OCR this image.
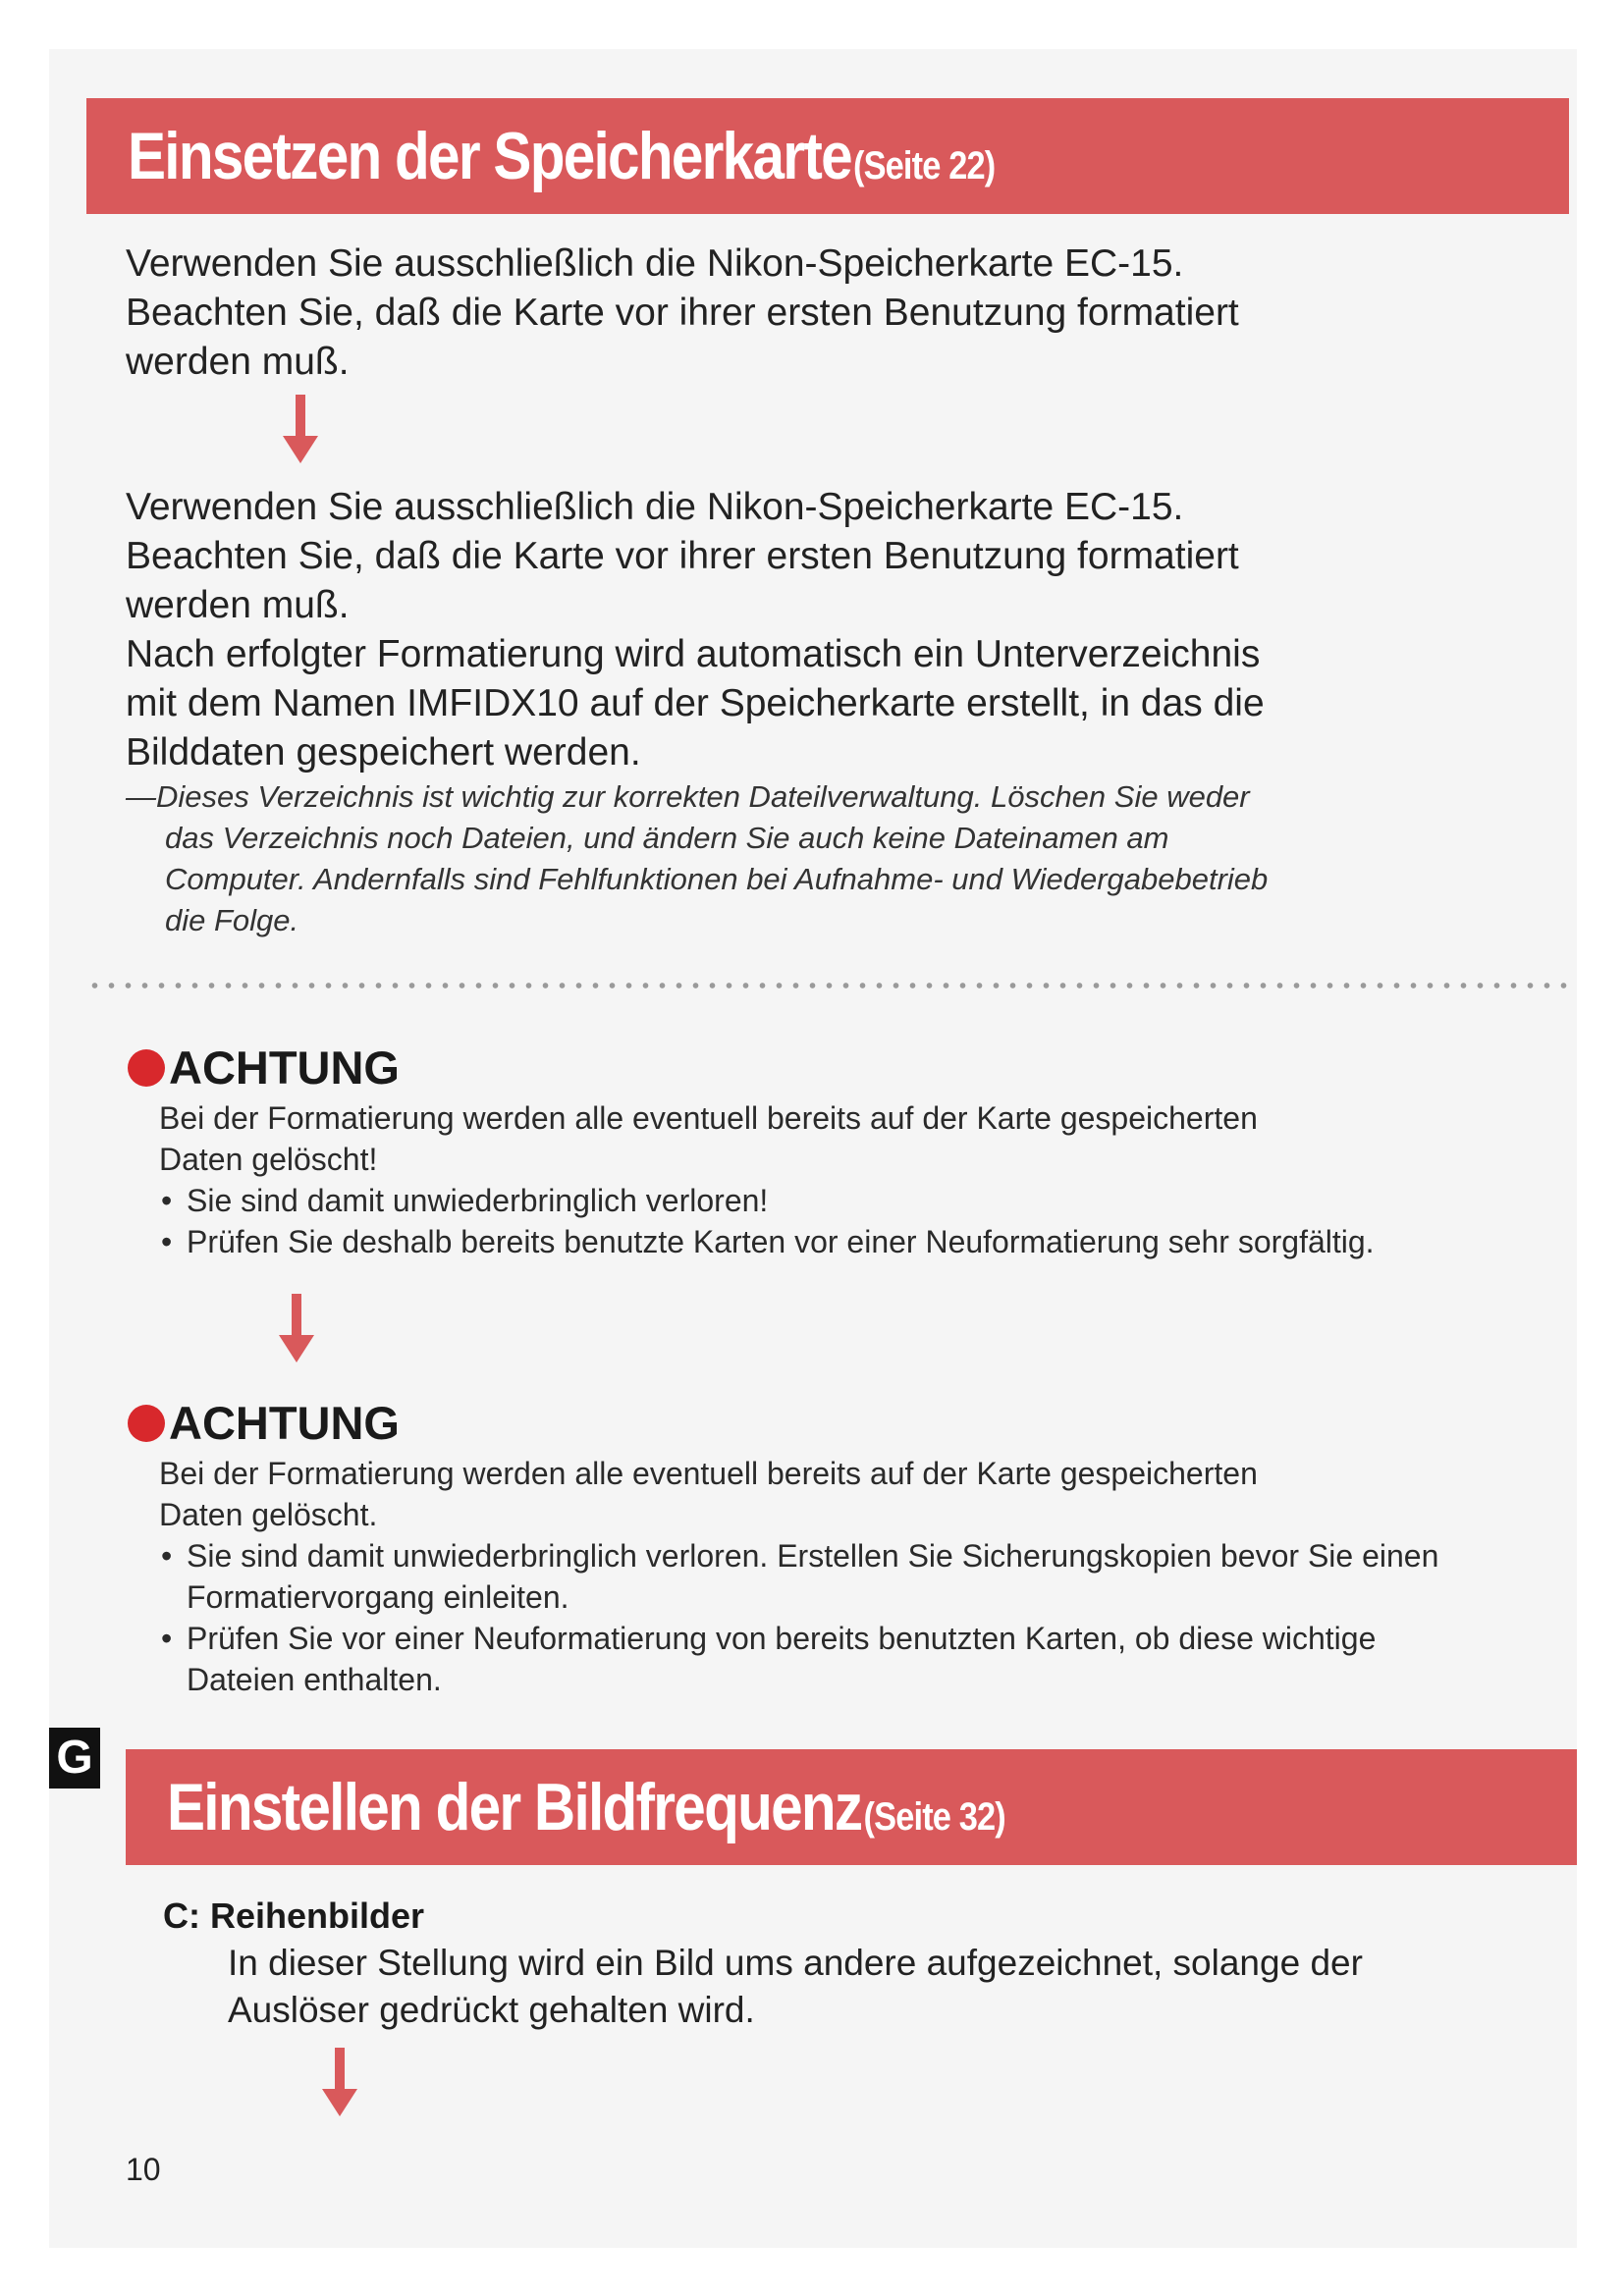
Einsetzen der Speicherkarte (Seite 22)

Verwenden Sie ausschließlich die Nikon-Speicherkarte EC-15.

Beachten Sie, daß die Karte vor ihrer ersten Benutzung formatiert

werden muß.

Verwenden Sie ausschließlich die Nikon-Speicherkarte EC-15.

Beachten Sie, daß die Karte vor ihrer ersten Benutzung formatiert

werden muß.

Nach erfolgter Formatierung wird automatisch ein Unterverzeichnis

mit dem Namen IMFIDX10 auf der Speicherkarte erstellt, in das die

Bilddaten gespeichert werden.

—Dieses Verzeichnis ist wichtig zur korrekten Dateilverwaltung. Löschen Sie weder

das Verzeichnis noch Dateien, und ändern Sie auch keine Dateinamen am

Computer. Andernfalls sind Fehlfunktionen bei Aufnahme- und Wiedergabebetrieb

die Folge.

ACHTUNG

Bei der Formatierung werden alle eventuell bereits auf der Karte gespeicherten

Daten gelöscht!

• Sie sind damit unwiederbringlich verloren!
• Prüfen Sie deshalb bereits benutzte Karten vor einer Neuformatierung sehr sorgfältig.
ACHTUNG

Bei der Formatierung werden alle eventuell bereits auf der Karte gespeicherten

Daten gelöscht.

• Sie sind damit unwiederbringlich verloren. Erstellen Sie Sicherungskopien bevor Sie einen Formatiervorgang einleiten.
• Prüfen Sie vor einer Neuformatierung von bereits benutzten Karten, ob diese wichtige Dateien enthalten.
G
Einstellen der Bildfrequenz (Seite 32)
C: Reihenbilder

In dieser Stellung wird ein Bild ums andere aufgezeichnet, solange der

Auslöser gedrückt gehalten wird.

10
